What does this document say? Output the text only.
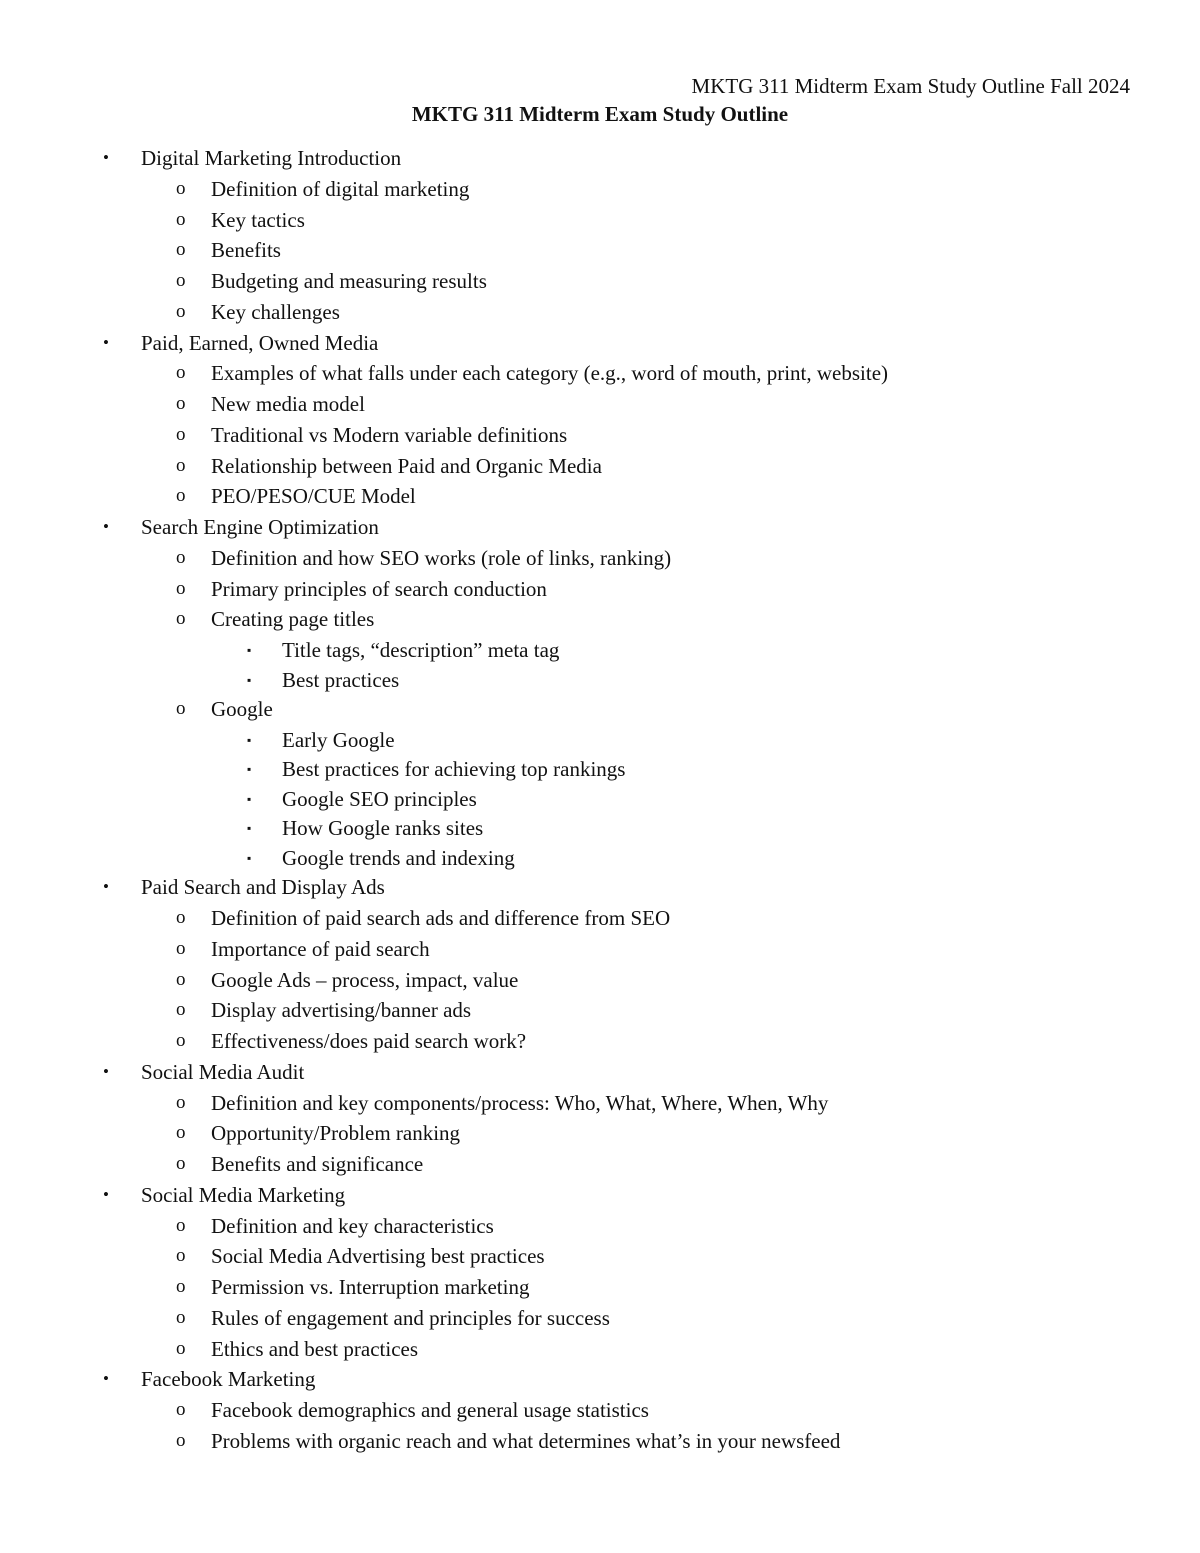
MKTG 311 Midterm Exam Study Outline Fall 2024
MKTG 311 Midterm Exam Study Outline
• Digital Marketing Introduction
o Definition of digital marketing
o Key tactics
o Benefits
o Budgeting and measuring results
o Key challenges
• Paid, Earned, Owned Media
o Examples of what falls under each category (e.g., word of mouth, print, website)
o New media model
o Traditional vs Modern variable definitions
o Relationship between Paid and Organic Media
o PEO/PESO/CUE Model
• Search Engine Optimization
o Definition and how SEO works (role of links, ranking)
o Primary principles of search conduction
o Creating page titles
▪ Title tags, “description” meta tag
▪ Best practices
o Google
▪ Early Google
▪ Best practices for achieving top rankings
▪ Google SEO principles
▪ How Google ranks sites
▪ Google trends and indexing
• Paid Search and Display Ads
o Definition of paid search ads and difference from SEO
o Importance of paid search
o Google Ads – process, impact, value
o Display advertising/banner ads
o Effectiveness/does paid search work?
• Social Media Audit
o Definition and key components/process: Who, What, Where, When, Why
o Opportunity/Problem ranking
o Benefits and significance
• Social Media Marketing
o Definition and key characteristics
o Social Media Advertising best practices
o Permission vs. Interruption marketing
o Rules of engagement and principles for success
o Ethics and best practices
• Facebook Marketing
o Facebook demographics and general usage statistics
o Problems with organic reach and what determines what’s in your newsfeed
